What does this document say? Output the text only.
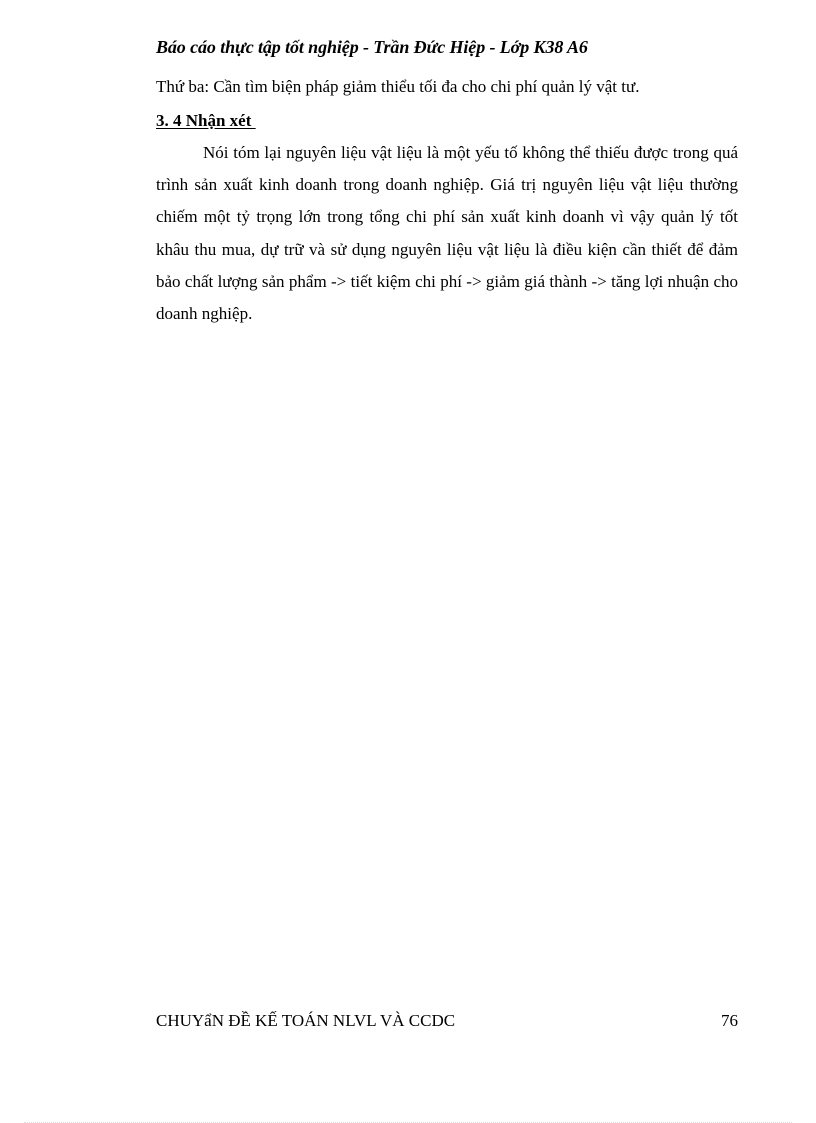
Báo cáo thực tập tốt nghiệp - Trần Đức Hiệp - Lớp K38 A6
Thứ ba: Cần tìm biện pháp giảm thiểu tối đa cho chi phí quản lý vật tư.
3. 4 Nhận xét

Nói tóm lại nguyên liệu vật liệu là một yếu tố không thể thiếu được trong quá trình sản xuất kinh doanh trong doanh nghiệp. Giá trị nguyên liệu vật liệu thường chiếm một tỷ trọng lớn trong tổng chi phí sản xuất kinh doanh vì vậy quản lý tốt khâu thu mua, dự trữ và sử dụng nguyên liệu vật liệu là điều kiện cần thiết để đảm bảo chất lượng sản phẩm -> tiết kiệm chi phí -> giảm giá thành -> tăng lợi nhuận cho doanh nghiệp.

CHUYẩN ĐỀ KẾ TOÁN NLVL VÀ CCDC	76
